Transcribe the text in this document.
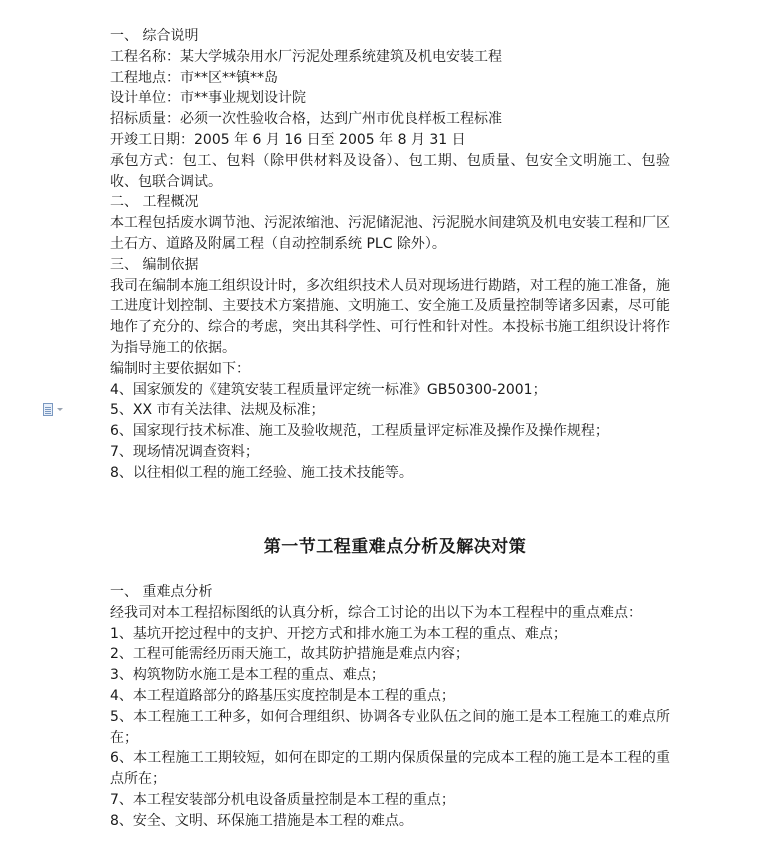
一、 综合说明
工程名称：某大学城杂用水厂污泥处理系统建筑及机电安装工程
工程地点：市**区**镇**岛
设计单位：市**事业规划设计院
招标质量：必须一次性验收合格，达到广州市优良样板工程标准
开竣工日期：2005 年 6 月 16 日至 2005 年 8 月 31 日
承包方式：包工、包料（除甲供材料及设备）、包工期、包质量、包安全文明施工、包验收、包联合调试。
二、 工程概况
本工程包括废水调节池、污泥浓缩池、污泥储泥池、污泥脱水间建筑及机电安装工程和厂区土石方、道路及附属工程（自动控制系统 PLC 除外）。
三、 编制依据
我司在编制本施工组织设计时，多次组织技术人员对现场进行勘踏，对工程的施工准备，施工进度计划控制、主要技术方案措施、文明施工、安全施工及质量控制等诸多因素，尽可能地作了充分的、综合的考虑，突出其科学性、可行性和针对性。本投标书施工组织设计将作为指导施工的依据。
编制时主要依据如下：
4、国家颁发的《建筑安装工程质量评定统一标准》GB50300-2001；
5、XX 市有关法律、法规及标准；
6、国家现行技术标准、施工及验收规范，工程质量评定标准及操作及操作规程；
7、现场情况调查资料；
8、以往相似工程的施工经验、施工技术技能等。
第一节工程重难点分析及解决对策
一、 重难点分析
经我司对本工程招标图纸的认真分析，综合工讨论的出以下为本工程程中的重点难点：
1、基坑开挖过程中的支护、开挖方式和排水施工为本工程的重点、难点；
2、工程可能需经历雨天施工，故其防护措施是难点内容；
3、构筑物防水施工是本工程的重点、难点；
4、本工程道路部分的路基压实度控制是本工程的重点；
5、本工程施工工种多，如何合理组织、协调各专业队伍之间的施工是本工程施工的难点所在；
6、本工程施工工期较短，如何在即定的工期内保质保量的完成本工程的施工是本工程的重点所在；
7、本工程安装部分机电设备质量控制是本工程的重点；
8、安全、文明、环保施工措施是本工程的难点。
